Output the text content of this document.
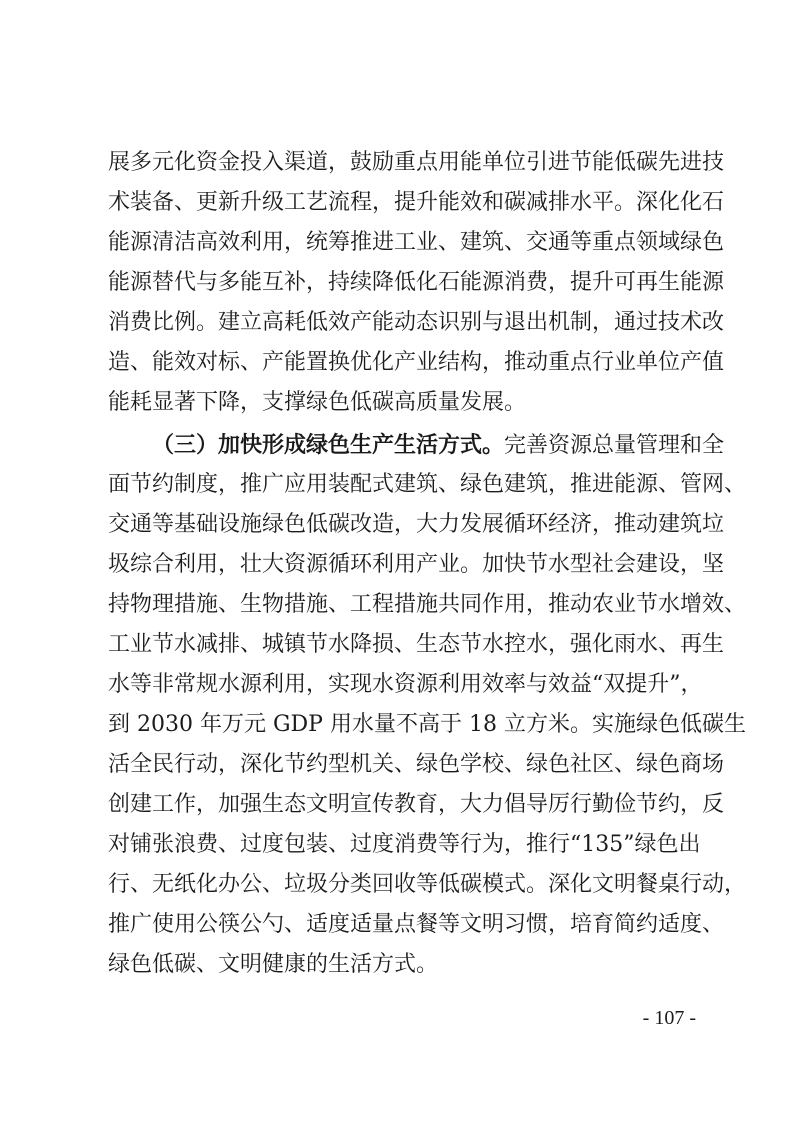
展多元化资金投入渠道，鼓励重点用能单位引进节能低碳先进技
术装备、更新升级工艺流程，提升能效和碳减排水平。深化化石
能源清洁高效利用，统筹推进工业、建筑、交通等重点领域绿色
能源替代与多能互补，持续降低化石能源消费，提升可再生能源
消费比例。建立高耗低效产能动态识别与退出机制，通过技术改
造、能效对标、产能置换优化产业结构，推动重点行业单位产值
能耗显著下降，支撑绿色低碳高质量发展。
（三）加快形成绿色生产生活方式。完善资源总量管理和全
面节约制度，推广应用装配式建筑、绿色建筑，推进能源、管网、
交通等基础设施绿色低碳改造，大力发展循环经济，推动建筑垃
圾综合利用，壮大资源循环利用产业。加快节水型社会建设，坚
持物理措施、生物措施、工程措施共同作用，推动农业节水增效、
工业节水减排、城镇节水降损、生态节水控水，强化雨水、再生
水等非常规水源利用，实现水资源利用效率与效益“双提升”，
到 2030 年万元 GDP 用水量不高于 18 立方米。实施绿色低碳生
活全民行动，深化节约型机关、绿色学校、绿色社区、绿色商场
创建工作，加强生态文明宣传教育，大力倡导厉行勤俭节约，反
对铺张浪费、过度包装、过度消费等行为，推行“135”绿色出
行、无纸化办公、垃圾分类回收等低碳模式。深化文明餐桌行动，
推广使用公筷公勺、适度适量点餐等文明习惯，培育简约适度、
绿色低碳、文明健康的生活方式。
- 107 -
